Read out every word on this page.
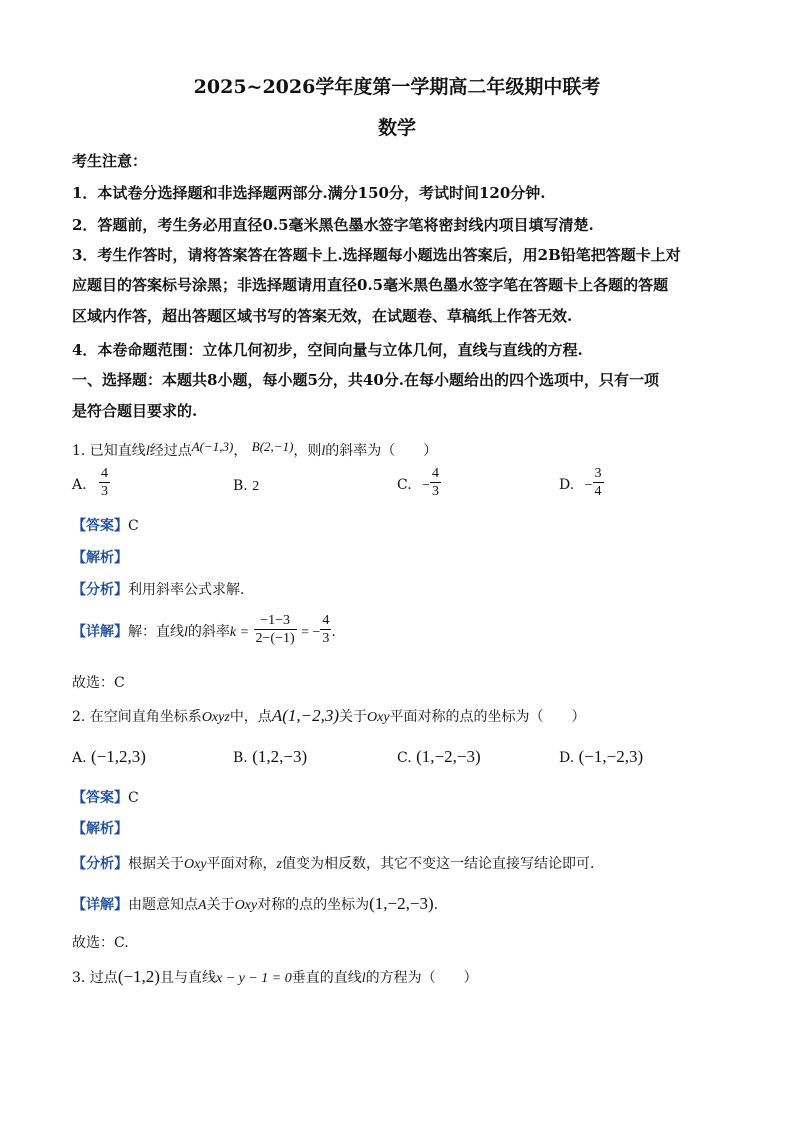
2025~2026学年度第一学期高二年级期中联考
数学
考生注意：
1．本试卷分选择题和非选择题两部分.满分150分，考试时间120分钟.
2．答题前，考生务必用直径0.5毫米黑色墨水签字笔将密封线内项目填写清楚.
3．考生作答时，请将答案答在答题卡上.选择题每小题选出答案后，用2B铅笔把答题卡上对
应题目的答案标号涂黑；非选择题请用直径0.5毫米黑色墨水签字笔在答题卡上各题的答题
区域内作答，超出答题区域书写的答案无效，在试题卷、草稿纸上作答无效.
4．本卷命题范围：立体几何初步，空间向量与立体几何，直线与直线的方程.
一、选择题：本题共8小题，每小题5分，共40分.在每小题给出的四个选项中，只有一项
是符合题目要求的.
1. 已知直线l经过点A(−1,3)， B(2,−1)，则l的斜率为（　　）
A. $\frac{4}{3}$	B. 2	C. − $\frac{4}{3}$	D. − $\frac{3}{4}$
【答案】C
【解析】
【分析】利用斜率公式求解.
【详解】解：直线l的斜率$k = \frac{-1-3}{2-(-1)}$ = − $\frac{4}{3}$ .
故选：C
2. 在空间直角坐标系Oxyz中，点A(1,−2,3)关于Oxy平面对称的点的坐标为（　　）
A. (−1,2,3)	B. (1,2,−3)	C. (1,−2,−3)	D. (−1,−2,3)
【答案】C
【解析】
【分析】根据关于Oxy平面对称，z值变为相反数，其它不变这一结论直接写结论即可.
【详解】由题意知点A关于Oxy对称的点的坐标为(1,−2,−3).
故选：C.
3. 过点(−1,2)且与直线x − y − 1 = 0垂直的直线l的方程为（　　）
